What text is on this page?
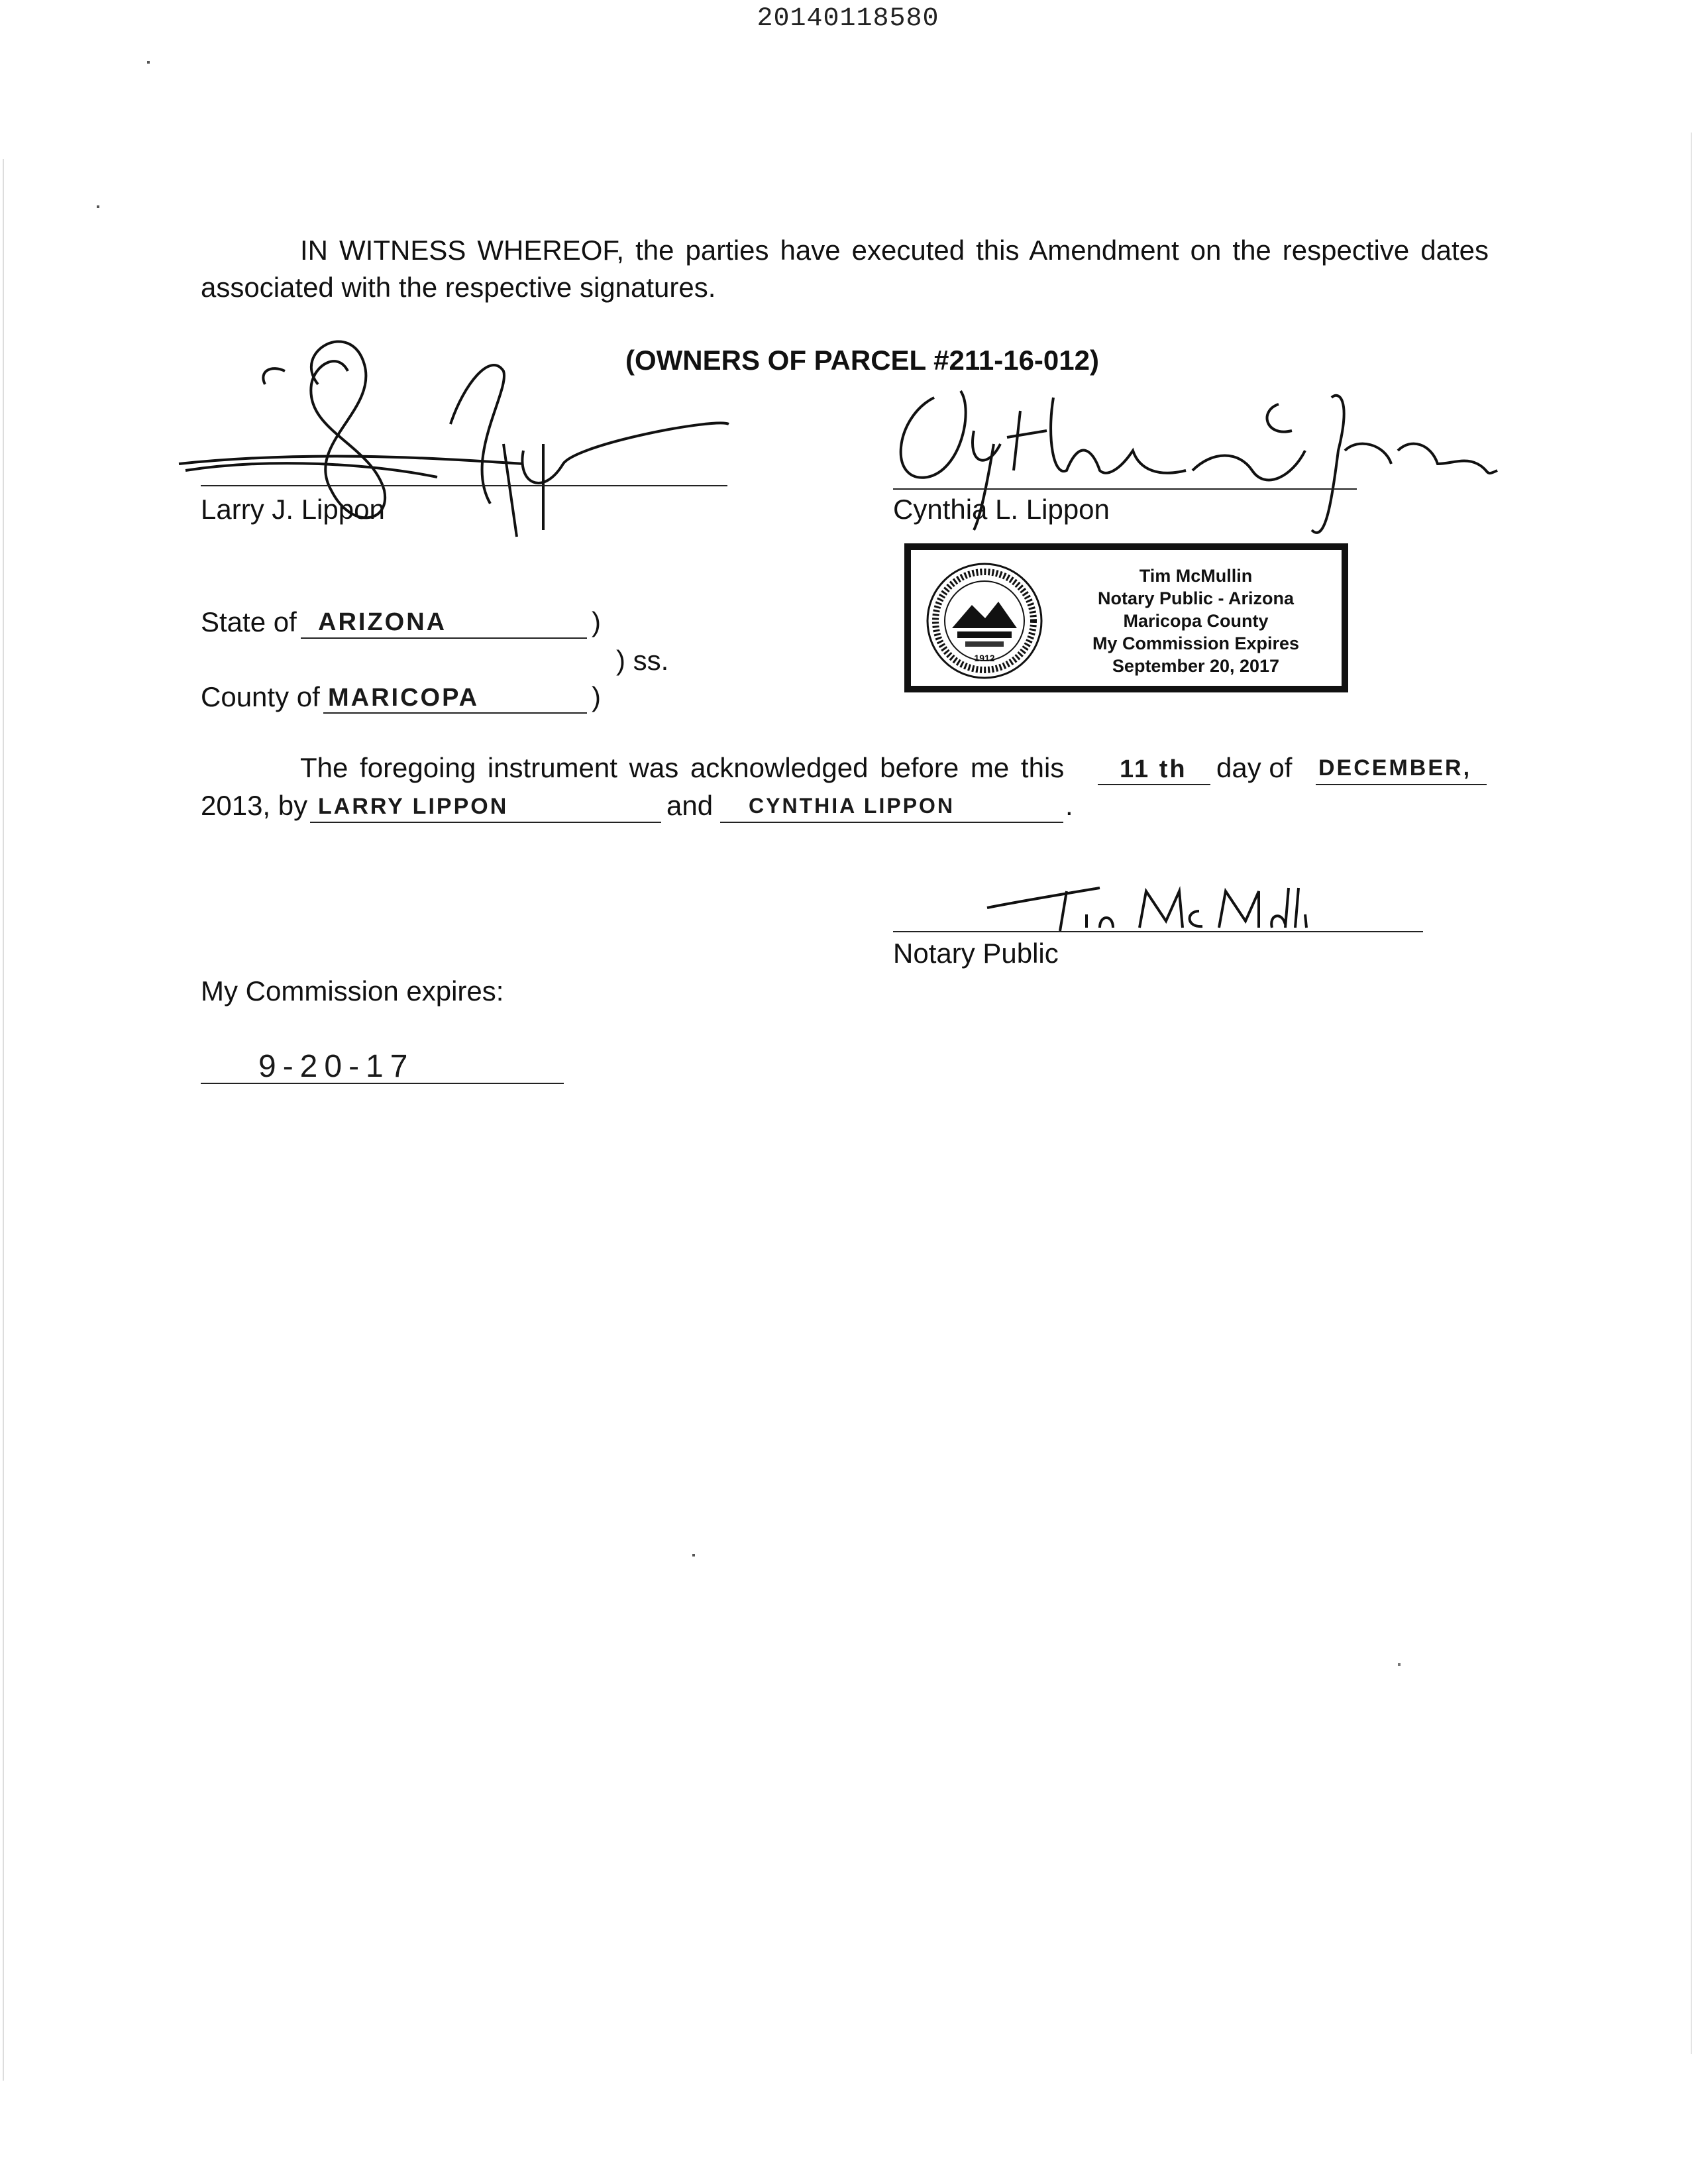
20140118580
IN WITNESS WHEREOF, the parties have executed this Amendment on the respective dates associated with the respective signatures.
(OWNERS OF PARCEL #211-16-012)
Larry J. Lippon	Cynthia L. Lippon
1912
Tim McMullin
Notary Public - Arizona
Maricopa County
My Commission Expires
September 20, 2017
State of ARIZONA	)
) ss.
County of MARICOPA	)
The foregoing instrument was acknowledged before me this 11 th day of DECEMBER,
2013, by LARRY LIPPON	and CYNTHIA LIPPON	.
Notary Public
My Commission expires:
9-20-17
